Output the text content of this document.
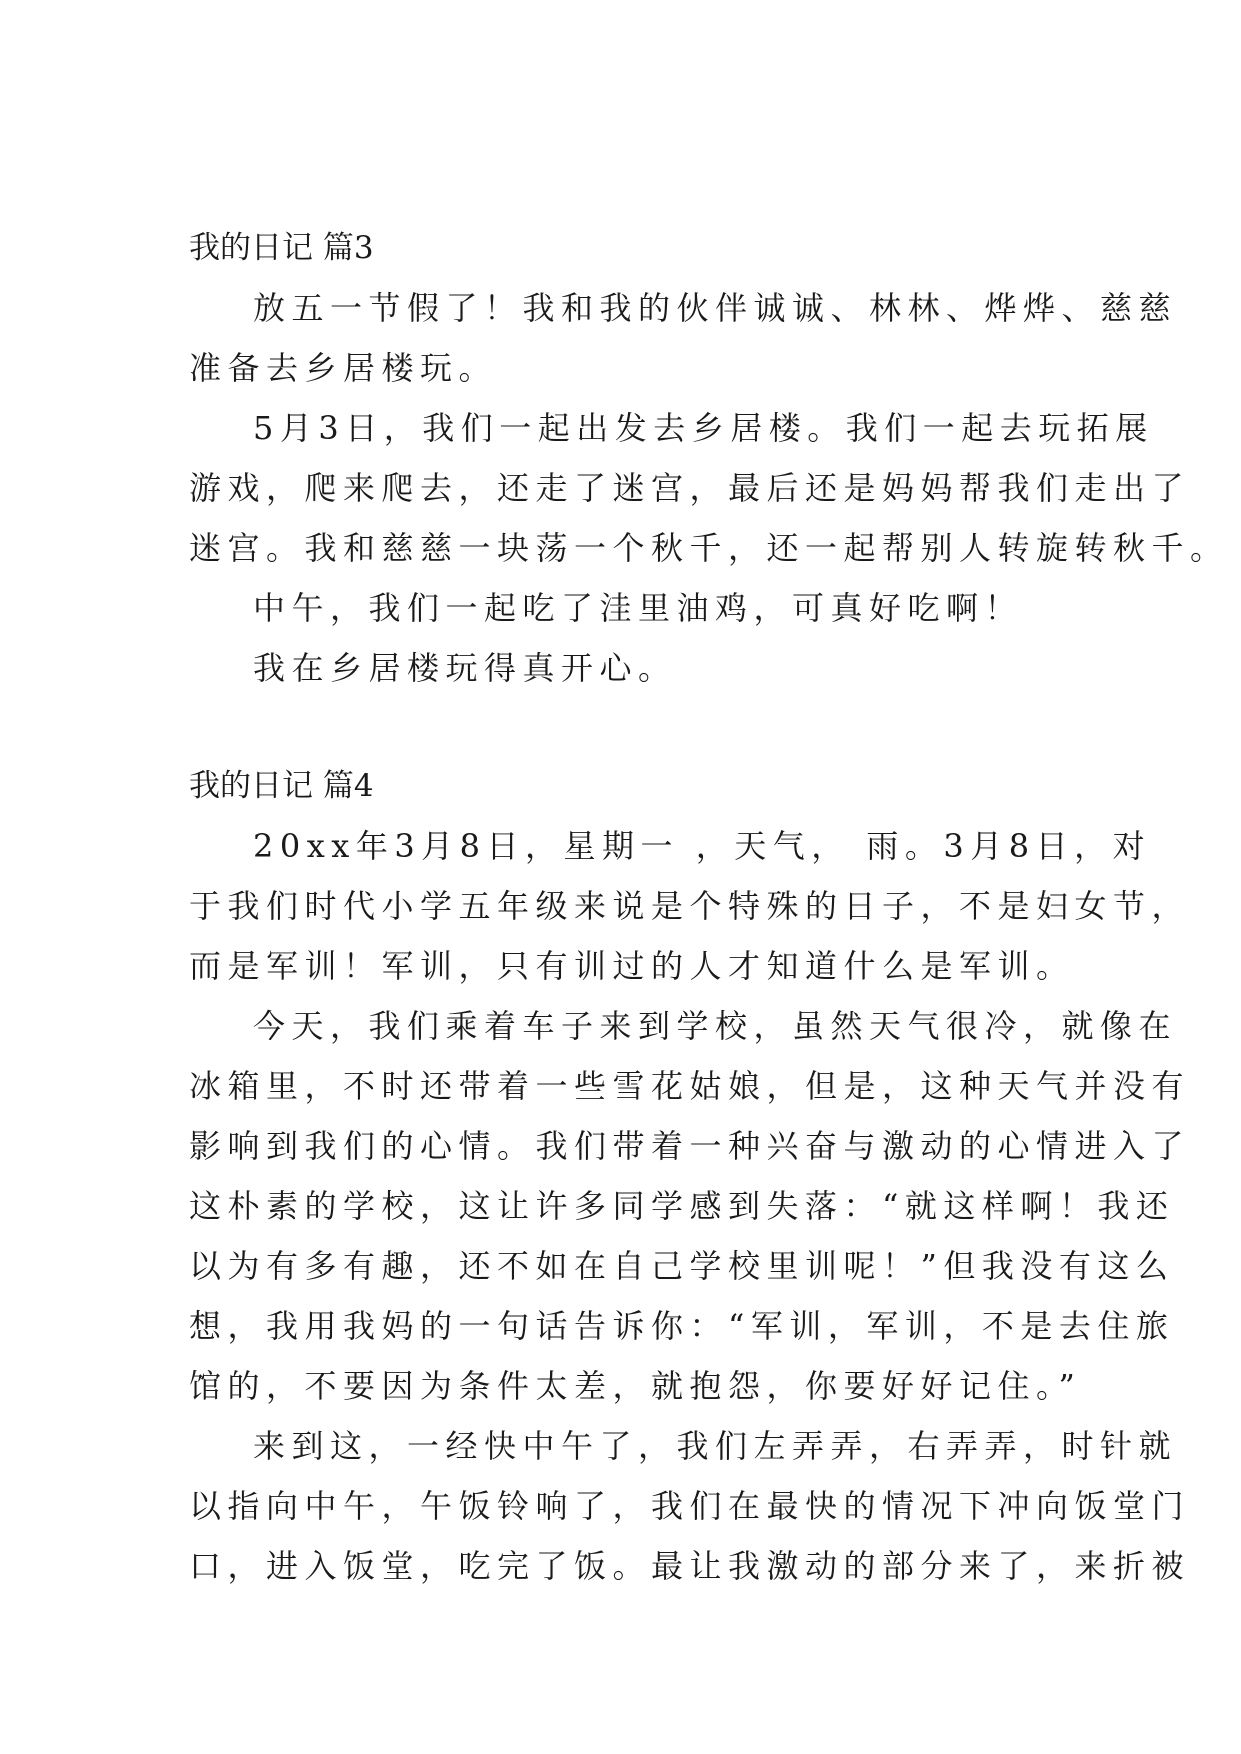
我的日记 篇3

放五一节假了！我和我的伙伴诚诚、林林、烨烨、慈慈
准备去乡居楼玩。

5月3日，我们一起出发去乡居楼。我们一起去玩拓展
游戏，爬来爬去，还走了迷宫，最后还是妈妈帮我们走出了
迷宫。我和慈慈一块荡一个秋千，还一起帮别人转旋转秋千。

中午，我们一起吃了洼里油鸡，可真好吃啊！

我在乡居楼玩得真开心。

我的日记 篇4

20xx年3月8日，星期一 ，天气， 雨。3月8日，对
于我们时代小学五年级来说是个特殊的日子，不是妇女节，
而是军训！军训，只有训过的人才知道什么是军训。

今天，我们乘着车子来到学校，虽然天气很冷，就像在
冰箱里，不时还带着一些雪花姑娘，但是，这种天气并没有
影响到我们的心情。我们带着一种兴奋与激动的心情进入了
这朴素的学校，这让许多同学感到失落：“就这样啊！我还
以为有多有趣，还不如在自己学校里训呢！”但我没有这么
想，我用我妈的一句话告诉你：“军训，军训，不是去住旅
馆的，不要因为条件太差，就抱怨，你要好好记住。”

来到这，一经快中午了，我们左弄弄，右弄弄，时针就
以指向中午，午饭铃响了，我们在最快的情况下冲向饭堂门
口，进入饭堂，吃完了饭。最让我激动的部分来了，来折被
